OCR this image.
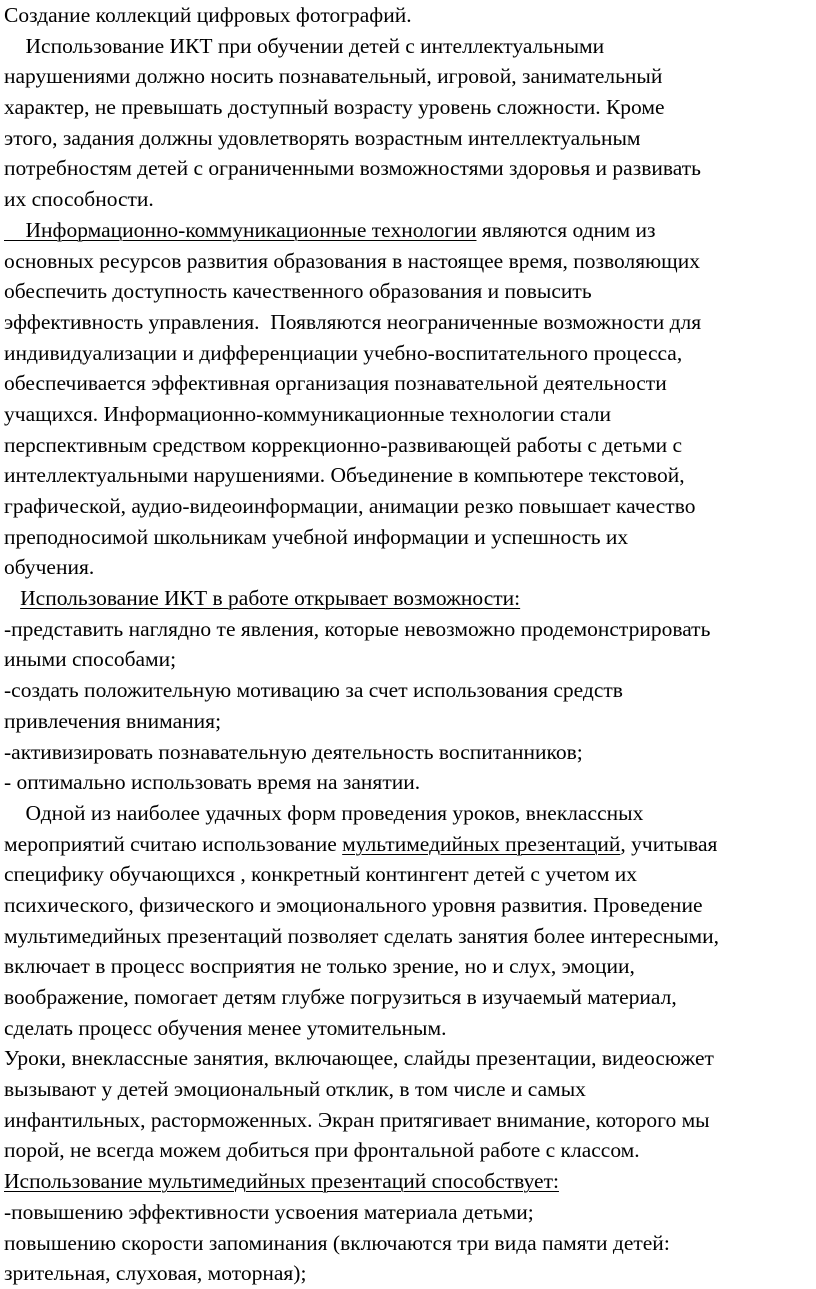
Создание коллекций цифровых фотографий.
Использование ИКТ при обучении детей с интеллектуальными
нарушениями должно носить познавательный, игровой, занимательный
характер, не превышать доступный возрасту уровень сложности. Кроме
этого, задания должны удовлетворять возрастным интеллектуальным
потребностям детей с ограниченными возможностями здоровья и развивать
их способности.
Информационно-коммуникационные технологии являются одним из
основных ресурсов развития образования в настоящее время, позволяющих
обеспечить доступность качественного образования и повысить
эффективность управления.  Появляются неограниченные возможности для
индивидуализации и дифференциации учебно-воспитательного процесса,
обеспечивается эффективная организация познавательной деятельности
учащихся. Информационно-коммуникационные технологии стали
перспективным средством коррекционно-развивающей работы с детьми с
интеллектуальными нарушениями. Объединение в компьютере текстовой,
графической, аудио-видеоинформации, анимации резко повышает качество
преподносимой школьникам учебной информации и успешность их
обучения.
Использование ИКТ в работе открывает возможности:
-представить наглядно те явления, которые невозможно продемонстрировать
иными способами;
-создать положительную мотивацию за счет использования средств
привлечения внимания;
-активизировать познавательную деятельность воспитанников;
- оптимально использовать время на занятии.
Одной из наиболее удачных форм проведения уроков, внеклассных
мероприятий считаю использование мультимедийных презентаций, учитывая
специфику обучающихся , конкретный контингент детей с учетом их
психического, физического и эмоционального уровня развития. Проведение
мультимедийных презентаций позволяет сделать занятия более интересными,
включает в процесс восприятия не только зрение, но и слух, эмоции,
воображение, помогает детям глубже погрузиться в изучаемый материал,
сделать процесс обучения менее утомительным.
Уроки, внеклассные занятия, включающее, слайды презентации, видеосюжет
вызывают у детей эмоциональный отклик, в том числе и самых
инфантильных, расторможенных. Экран притягивает внимание, которого мы
порой, не всегда можем добиться при фронтальной работе с классом.
Использование мультимедийных презентаций способствует:
-повышению эффективности усвоения материала детьми;
повышению скорости запоминания (включаются три вида памяти детей:
зрительная, слуховая, моторная);
